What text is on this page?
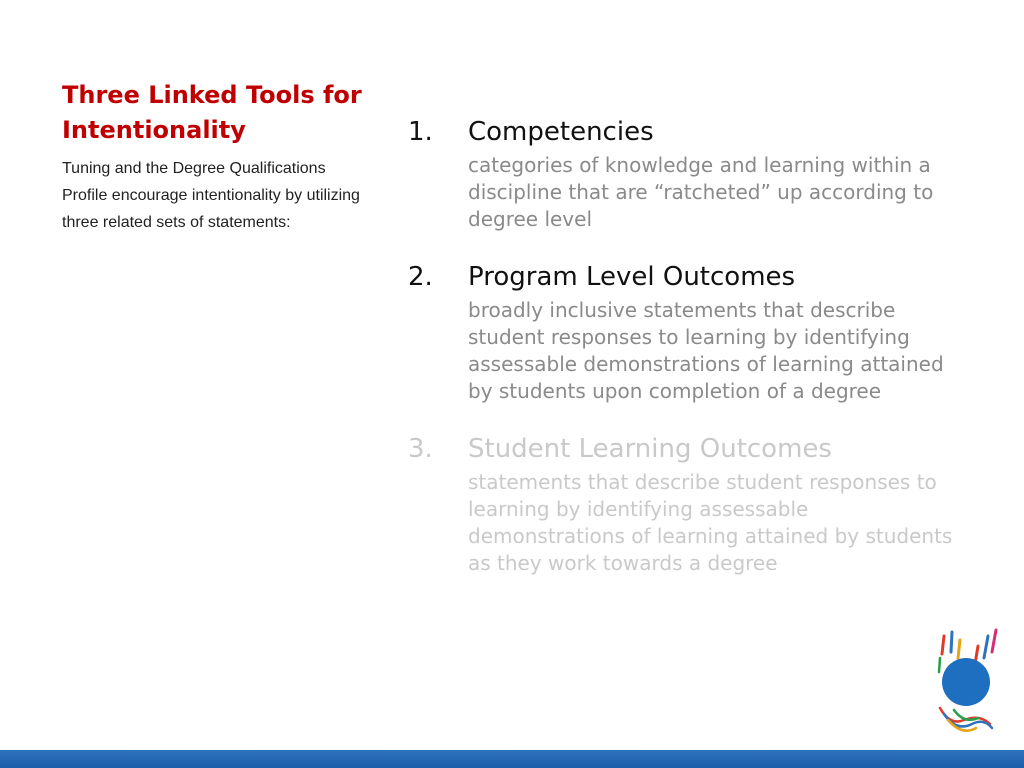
Three Linked Tools for Intentionality
Tuning and the Degree Qualifications Profile encourage intentionality by utilizing three related sets of statements:
1.	Competencies
categories of knowledge and learning within a discipline that are “ratcheted” up according to degree level
2.	Program Level Outcomes
broadly inclusive statements that describe student responses to learning by identifying assessable demonstrations of learning attained by students upon completion of a degree
3.	Student Learning Outcomes
statements that describe student responses to learning by identifying assessable demonstrations of learning attained by students as they work towards a degree
